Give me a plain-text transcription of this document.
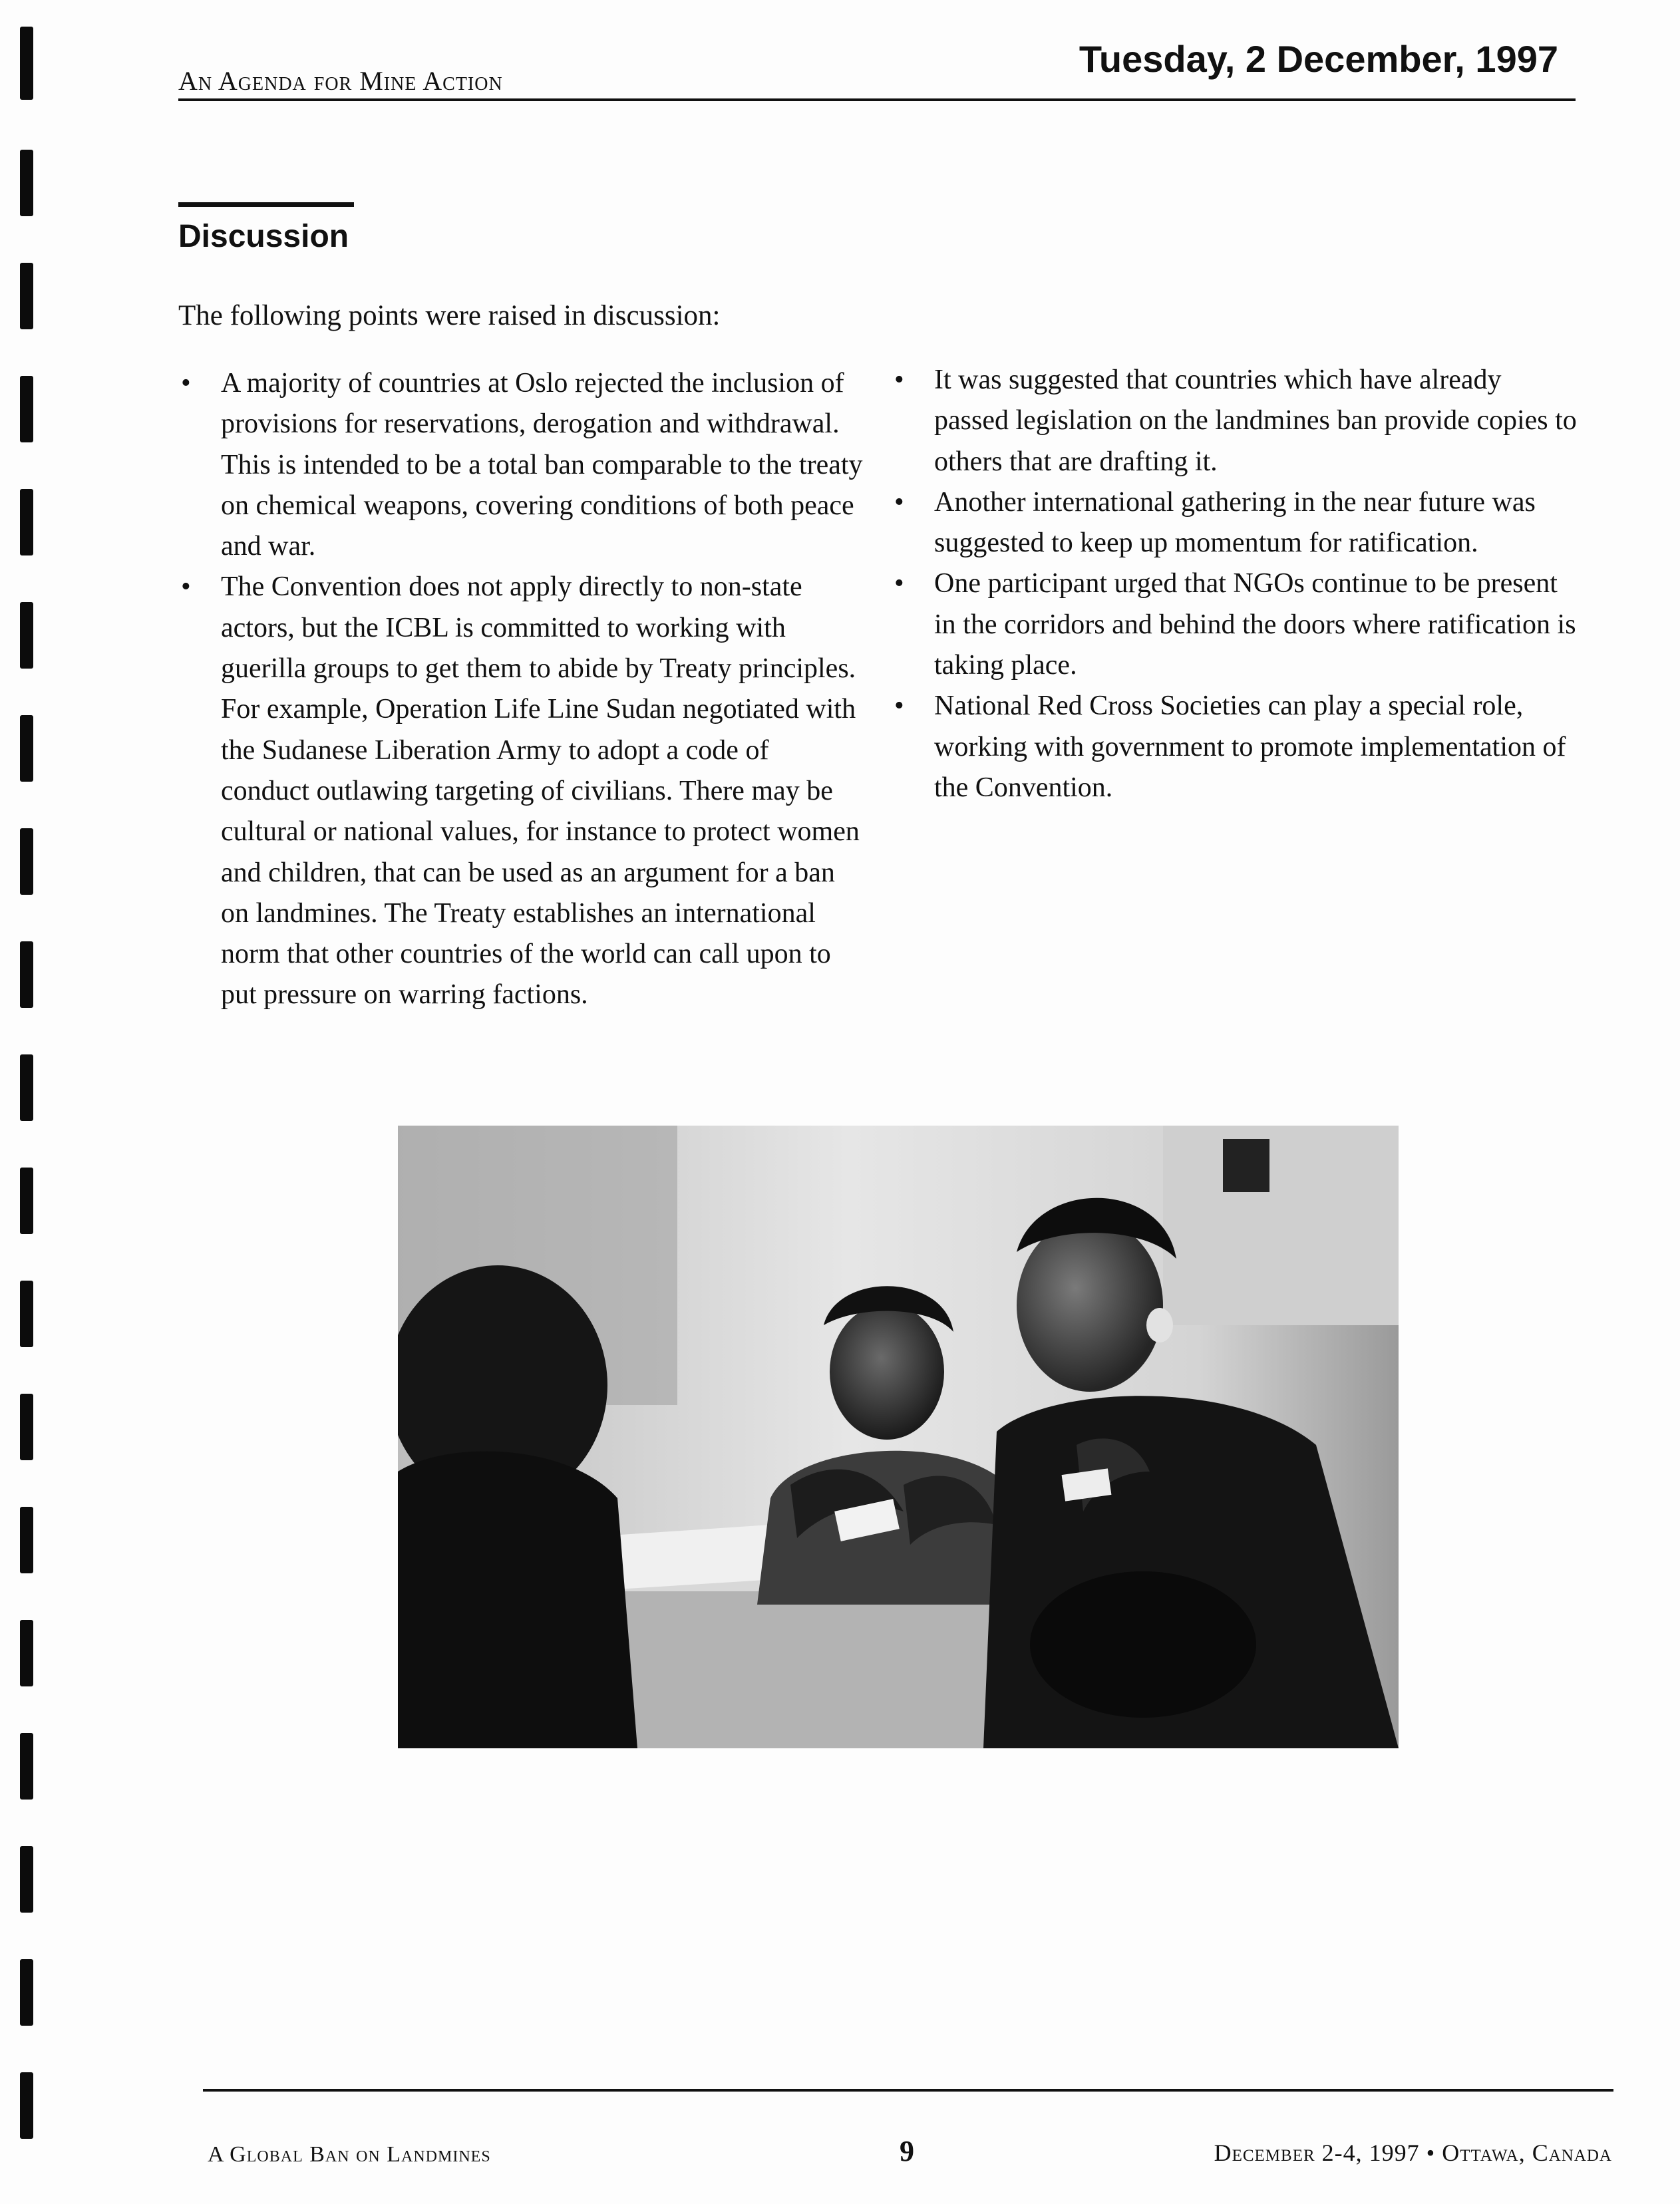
An Agenda for Mine Action
Tuesday, 2 December, 1997
Discussion
The following points were raised in discussion:
• A majority of countries at Oslo rejected the inclusion of provisions for reservations, derogation and withdrawal. This is intended to be a total ban comparable to the treaty on chemical weapons, covering conditions of both peace and war.
• The Convention does not apply directly to non-state actors, but the ICBL is committed to working with guerilla groups to get them to abide by Treaty principles. For example, Operation Life Line Sudan negotiated with the Sudanese Liberation Army to adopt a code of conduct outlawing targeting of civilians. There may be cultural or national values, for instance to protect women and children, that can be used as an argument for a ban on landmines. The Treaty establishes an international norm that other countries of the world can call upon to put pressure on warring factions.
• It was suggested that countries which have already passed legislation on the landmines ban provide copies to others that are drafting it.
• Another international gathering in the near future was suggested to keep up momentum for ratification.
• One participant urged that NGOs continue to be present in the corridors and behind the doors where ratification is taking place.
• National Red Cross Societies can play a special role, working with government to promote implementation of the Convention.
A Global Ban on Landmines	9	December 2-4, 1997 • Ottawa, Canada
